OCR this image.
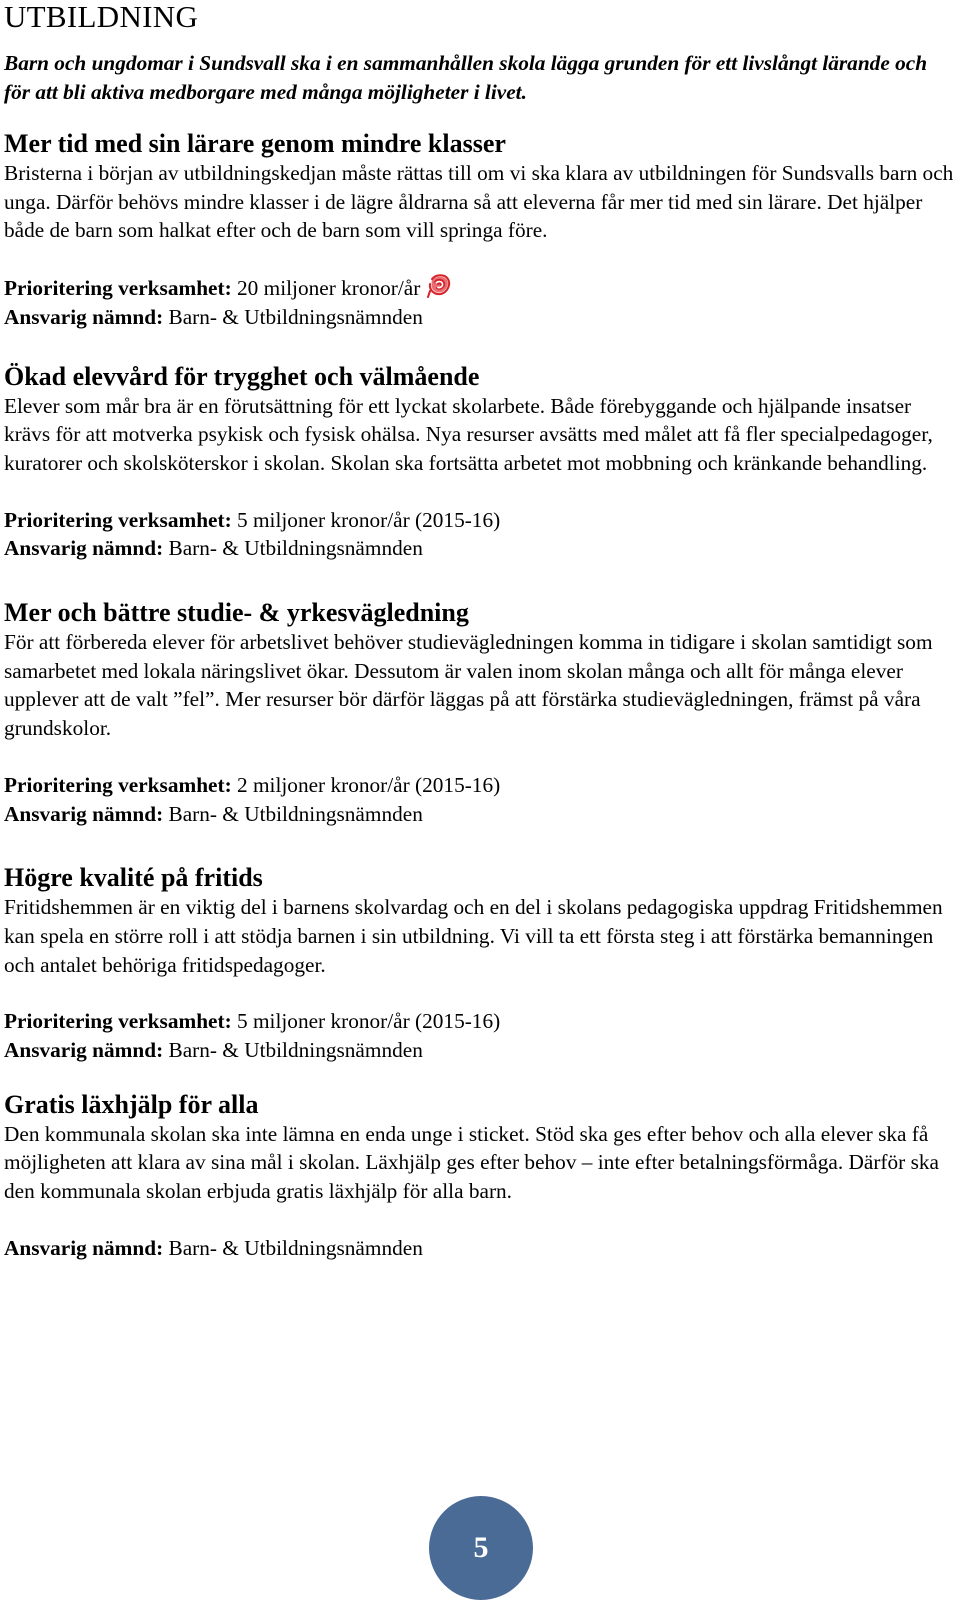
UTBILDNING

Barn och ungdomar i Sundsvall ska i en sammanhållen skola lägga grunden för ett livslångt lärande och för att bli aktiva medborgare med många möjligheter i livet.

Mer tid med sin lärare genom mindre klasser

Bristerna i början av utbildningskedjan måste rättas till om vi ska klara av utbildningen för Sundsvalls barn och unga. Därför behövs mindre klasser i de lägre åldrarna så att eleverna får mer tid med sin lärare. Det hjälper både de barn som halkat efter och de barn som vill springa före.

Prioritering verksamhet: 20 miljoner kronor/år

Ansvarig nämnd: Barn- & Utbildningsnämnden

Ökad elevvård för trygghet och välmående

Elever som mår bra är en förutsättning för ett lyckat skolarbete. Både förebyggande och hjälpande insatser krävs för att motverka psykisk och fysisk ohälsa. Nya resurser avsätts med målet att få fler specialpedagoger, kuratorer och skolsköterskor i skolan. Skolan ska fortsätta arbetet mot mobbning och kränkande behandling.

Prioritering verksamhet: 5 miljoner kronor/år (2015-16)

Ansvarig nämnd: Barn- & Utbildningsnämnden

Mer och bättre studie- & yrkesvägledning

För att förbereda elever för arbetslivet behöver studievägledningen komma in tidigare i skolan samtidigt som samarbetet med lokala näringslivet ökar. Dessutom är valen inom skolan många och allt för många elever upplever att de valt ”fel”. Mer resurser bör därför läggas på att förstärka studievägledningen, främst på våra grundskolor.

Prioritering verksamhet: 2 miljoner kronor/år (2015-16)

Ansvarig nämnd: Barn- & Utbildningsnämnden

Högre kvalité på fritids

Fritidshemmen är en viktig del i barnens skolvardag och en del i skolans pedagogiska uppdrag Fritidshemmen kan spela en större roll i att stödja barnen i sin utbildning. Vi vill ta ett första steg i att förstärka bemanningen och antalet behöriga fritidspedagoger.

Prioritering verksamhet: 5 miljoner kronor/år (2015-16)

Ansvarig nämnd: Barn- & Utbildningsnämnden

Gratis läxhjälp för alla

Den kommunala skolan ska inte lämna en enda unge i sticket. Stöd ska ges efter behov och alla elever ska få möjligheten att klara av sina mål i skolan. Läxhjälp ges efter behov – inte efter betalningsförmåga. Därför ska den kommunala skolan erbjuda gratis läxhjälp för alla barn.

Ansvarig nämnd: Barn- & Utbildningsnämnden

5
